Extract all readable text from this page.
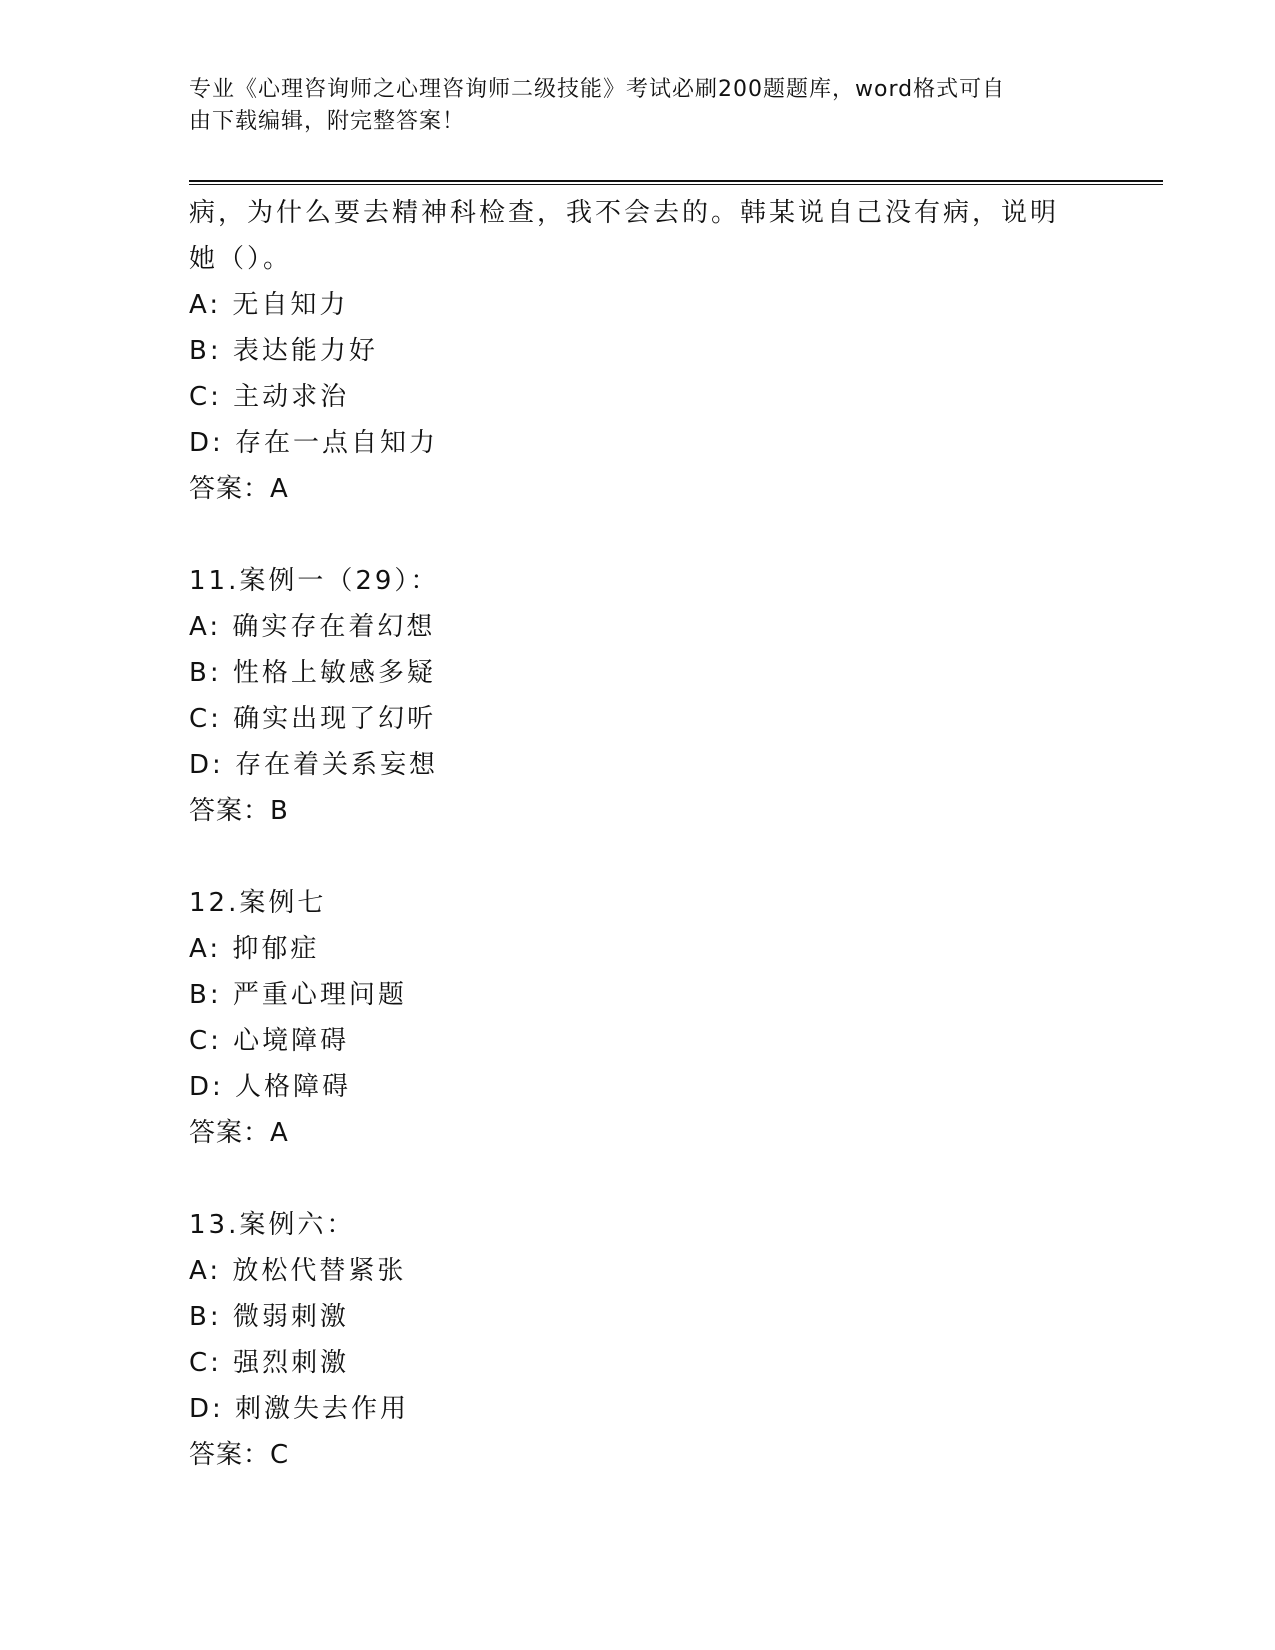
专业《心理咨询师之心理咨询师二级技能》考试必刷200题题库，word格式可自
由下载编辑，附完整答案！
病，为什么要去精神科检查，我不会去的。韩某说自己没有病，说明
她（）。
A: 无自知力
B: 表达能力好
C: 主动求治
D: 存在一点自知力
答案：A
11.案例一（29）：
A: 确实存在着幻想
B: 性格上敏感多疑
C: 确实出现了幻听
D: 存在着关系妄想
答案：B
12.案例七
A: 抑郁症
B: 严重心理问题
C: 心境障碍
D: 人格障碍
答案：A
13.案例六：
A: 放松代替紧张
B: 微弱刺激
C: 强烈刺激
D: 刺激失去作用
答案：C
